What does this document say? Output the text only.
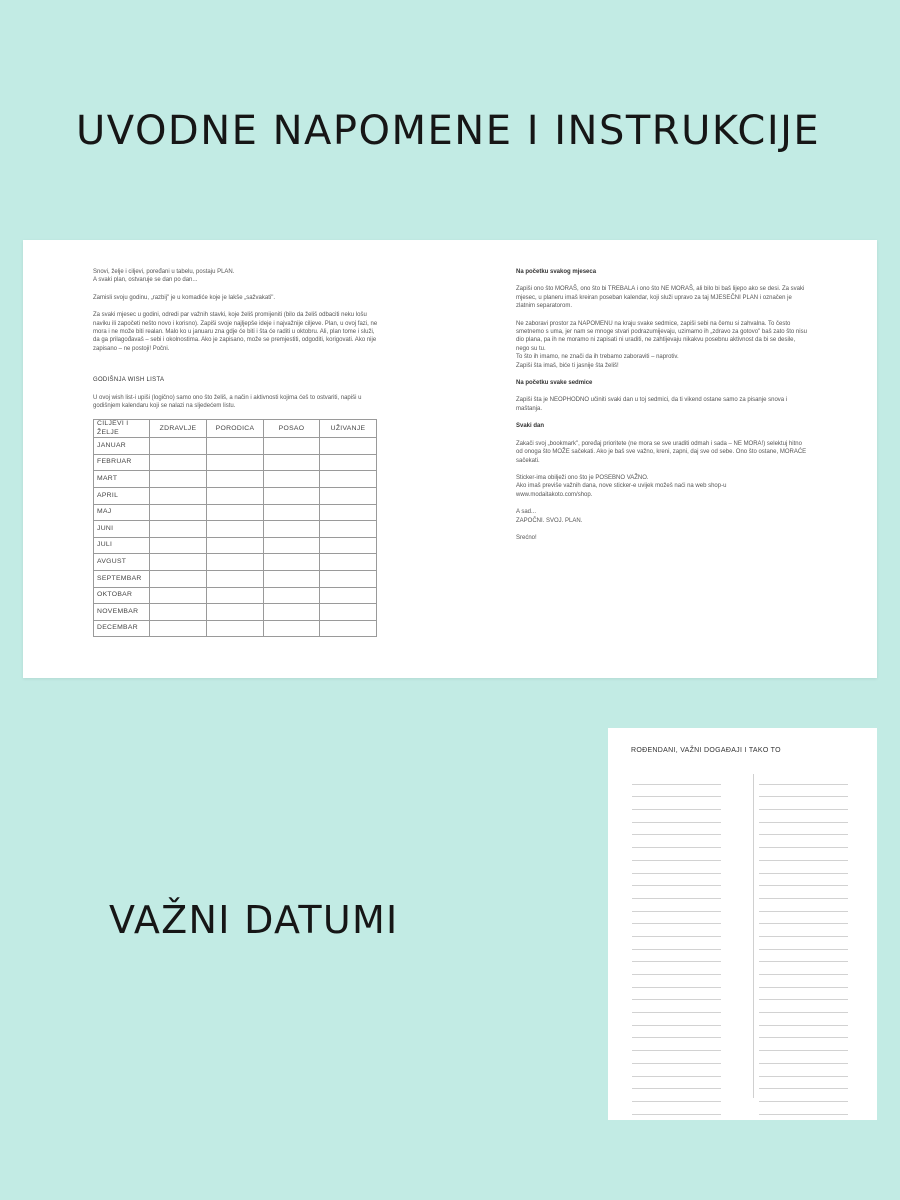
UVODNE NAPOMENE I INSTRUKCIJE

Snovi, želje i ciljevi, poređani u tabelu, postaju PLAN.
A svaki plan, ostvaruje se dan po dan...

Zamisli svoju godinu, „razbij" je u komadiće koje je lakše „sažvakati".

Za svaki mjesec u godini, odredi par važnih stavki, koje želiš promijeniti (bilo da želiš odbaciti neku lošu naviku ili započeti nešto novo i korisno). Zapiši svoje najljepše ideje i najvažnije ciljeve. Plan, u ovoj fazi, ne mora i ne može biti realan. Malo ko u januaru zna gdje će biti i šta će raditi u oktobru. Ali, plan tome i služi, da ga prilagođavaš – sebi i okolnostima. Ako je zapisano, može se premjestiti, odgoditi, korigovati. Ako nije zapisano – ne postoji! Počni.

GODIŠNJA WISH LISTA

U ovoj wish list-i upiši (logično) samo ono što želiš, a način i aktivnosti kojima ćeš to ostvariti, napiši u godišnjem kalendaru koji se nalazi na sljedećem listu.

CILJEVI I ŽELJE	ZDRAVLJE	PORODICA	POSAO	UŽIVANJE
JANUAR				
FEBRUAR				
MART				
APRIL				
MAJ				
JUNI				
JULI				
AVGUST				
SEPTEMBAR				
OKTOBAR				
NOVEMBAR				
DECEMBAR				
Na početku svakog mjeseca

Zapiši ono što MORAŠ, ono što bi TREBALA i ono što NE MORAŠ, ali bilo bi baš lijepo ako se desi. Za svaki mjesec, u planeru imaš kreiran poseban kalendar, koji služi upravo za taj MJESEČNI PLAN i označen je zlatnim separatorom.

Ne zaboravi prostor za NAPOMENU na kraju svake sedmice, zapiši sebi na čemu si zahvalna. To često smetnemo s uma, jer nam se mnoge stvari podrazumijevaju, uzimamo ih „zdravo za gotovo" baš zato što nisu dio plana, pa ih ne moramo ni zapisati ni uraditi, ne zahtijevaju nikakvu posebnu aktivnost da bi se desile, nego su tu.
To što ih imamo, ne znači da ih trebamo zaboraviti – naprotiv.
Zapiši šta imaš, biće ti jasnije šta želiš!

Na početku svake sedmice

Zapiši šta je NEOPHODNO učiniti svaki dan u toj sedmici, da ti vikend ostane samo za pisanje snova i maštanja.

Svaki dan

Zakači svoj „bookmark", poređaj prioritete (ne mora se sve uraditi odmah i sada – NE MORA!) selektuj hitno od onoga što MOŽE sačekati. Ako je baš sve važno, kreni, zapni, daj sve od sebe. Ono što ostane, MORAĆE sačekati.

Sticker-ima obilježi ono što je POSEBNO VAŽNO.
Ako imaš previše važnih dana, nove sticker-e uvijek možeš naći na web shop-u
www.modaitakoto.com/shop.

A sad...
ZAPOČNI. SVOJ. PLAN.

Srećno!

VAŽNI DATUMI
ROĐENDANI, VAŽNI DOGAĐAJI I TAKO TO
